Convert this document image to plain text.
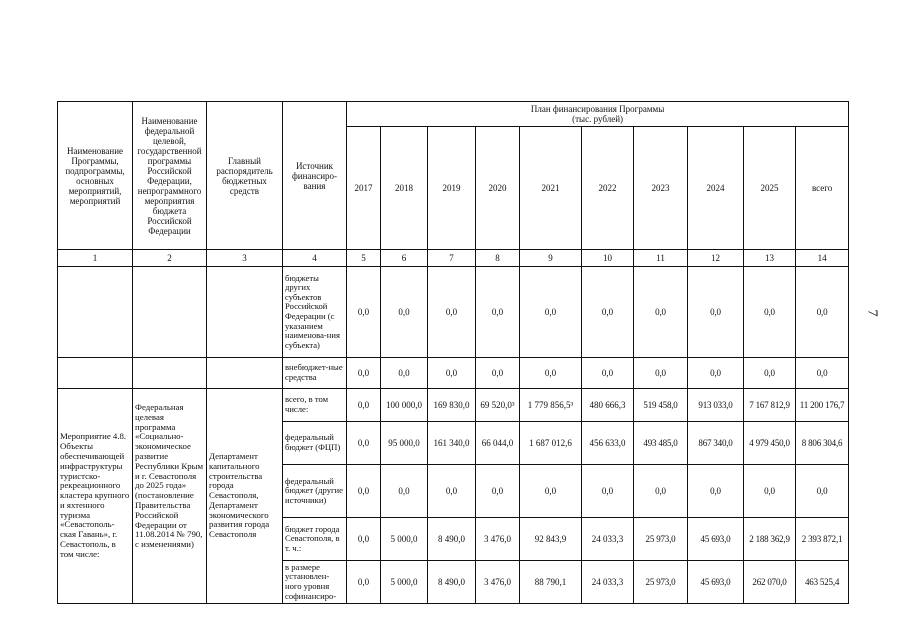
7
Наименование Программы, подпрограммы, основных мероприятий, мероприятий	Наименование федеральной целевой, государственной программы Российской Федерации, непрограммного мероприятия бюджета Российской Федерации	Главный распорядитель бюджетных средств	Источник финансиро-вания	План финансирования Программы
(тыс. рублей)									

				2017	2018	2019	2020	2021	2022	2023	2024	2025	всего
1	2	3	4	5	6	7	8	9	10	11	12	13	14
			бюджеты других субъектов Российской Федерации (с указанием наименова-ния субъекта)	0,0	0,0	0,0	0,0	0,0	0,0	0,0	0,0	0,0	0,0
			внебюджет-ные средства	0,0	0,0	0,0	0,0	0,0	0,0	0,0	0,0	0,0	0,0
Мероприятие 4.8. Объекты обеспечивающей инфраструктуры туристско-рекреационного кластера крупного и яхтенного туризма «Севастополь-ская Гавань», г. Севастополь, в том числе:	Федеральная целевая программа «Социально-экономическое развитие Республики Крым и г. Севастополя до 2025 года» (постановление Правительства Российской Федерации от 11.08.2014 № 790, с изменениями)	Департамент капитального строительства города Севастополя, Департамент экономического развития города Севастополя	всего, в том числе:	0,0	100 000,0	169 830,0	69 520,0³	1 779 856,5³	480 666,3	519 458,0	913 033,0	7 167 812,9	11 200 176,7
			федеральный бюджет (ФЦП)	0,0	95 000,0	161 340,0	66 044,0	1 687 012,6	456 633,0	493 485,0	867 340,0	4 979 450,0	8 806 304,6
			федеральный бюджет (другие источники)	0,0	0,0	0,0	0,0	0,0	0,0	0,0	0,0	0,0	0,0
			бюджет города Севастополя, в т. ч.:	0,0	5 000,0	8 490,0	3 476,0	92 843,9	24 033,3	25 973,0	45 693,0	2 188 362,9	2 393 872,1
			в размере установлен-ного уровня софинансиро-	0,0	5 000,0	8 490,0	3 476,0	88 790,1	24 033,3	25 973,0	45 693,0	262 070,0	463 525,4
